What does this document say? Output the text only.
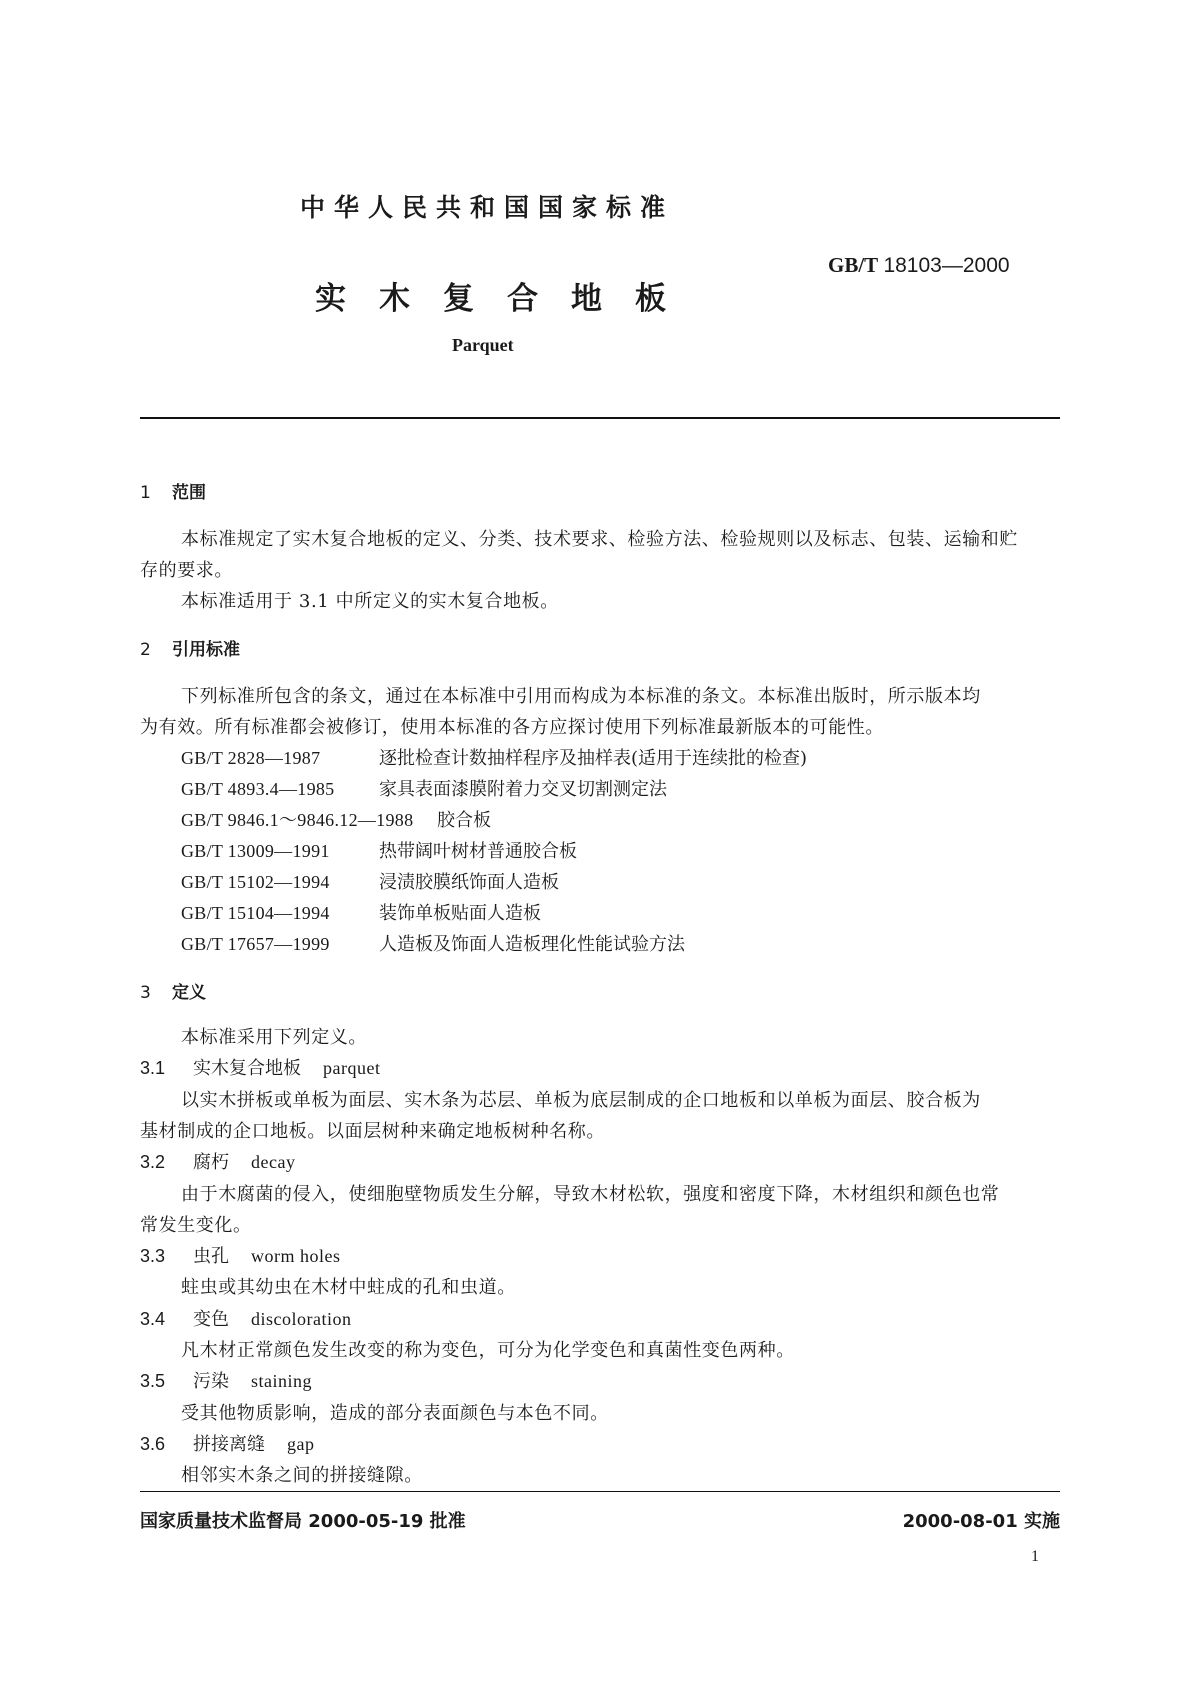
中华人民共和国国家标准
GB/T 18103—2000
实木复合地板
Parquet
1 范围
本标准规定了实木复合地板的定义、分类、技术要求、检验方法、检验规则以及标志、包装、运输和贮
存的要求。
本标准适用于 3.1 中所定义的实木复合地板。
2 引用标准
下列标准所包含的条文，通过在本标准中引用而构成为本标准的条文。本标准出版时，所示版本均
为有效。所有标准都会被修订，使用本标准的各方应探讨使用下列标准最新版本的可能性。
GB/T 2828—1987	逐批检查计数抽样程序及抽样表(适用于连续批的检查)
GB/T 4893.4—1985 家具表面漆膜附着力交叉切割测定法
GB/T 9846.1～9846.12—1988 胶合板
GB/T 13009—1991	热带阔叶树材普通胶合板
GB/T 15102—1994	浸渍胶膜纸饰面人造板
GB/T 15104—1994	装饰单板贴面人造板
GB/T 17657—1999	人造板及饰面人造板理化性能试验方法
3 定义
本标准采用下列定义。
3.1 实木复合地板 parquet
以实木拼板或单板为面层、实木条为芯层、单板为底层制成的企口地板和以单板为面层、胶合板为
基材制成的企口地板。以面层树种来确定地板树种名称。
3.2 腐朽 decay
由于木腐菌的侵入，使细胞壁物质发生分解，导致木材松软，强度和密度下降，木材组织和颜色也常
常发生变化。
3.3 虫孔 worm holes
蛀虫或其幼虫在木材中蛀成的孔和虫道。
3.4 变色 discoloration
凡木材正常颜色发生改变的称为变色，可分为化学变色和真菌性变色两种。
3.5 污染 staining
受其他物质影响，造成的部分表面颜色与本色不同。
3.6 拼接离缝 gap
相邻实木条之间的拼接缝隙。
国家质量技术监督局 2000-05-19 批准	2000-08-01 实施
1
